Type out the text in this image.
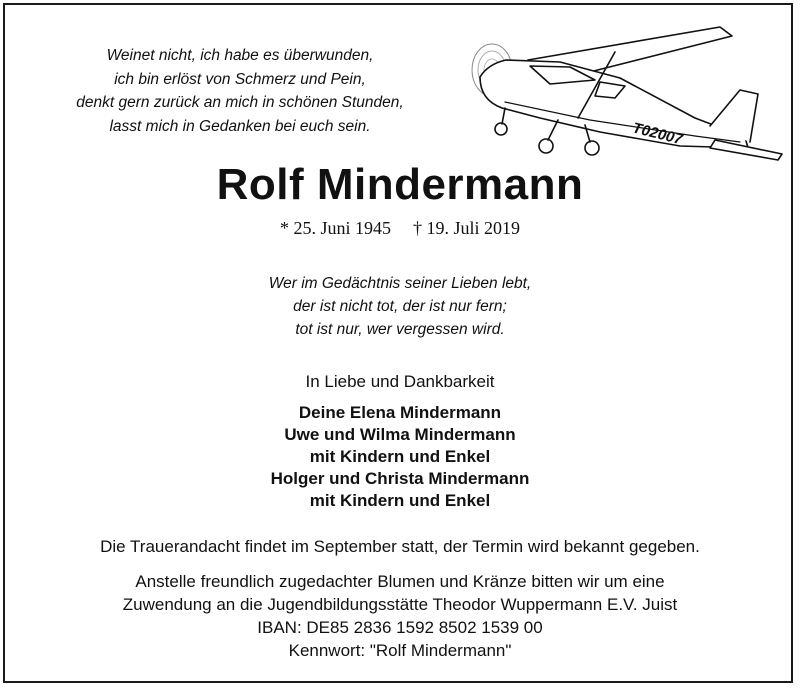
Weinet nicht, ich habe es überwunden,
ich bin erlöst von Schmerz und Pein,
denkt gern zurück an mich in schönen Stunden,
lasst mich in Gedanken bei euch sein.	T02007
Rolf Mindermann
* 25. Juni 1945 † 19. Juli 2019
Wer im Gedächtnis seiner Lieben lebt,
der ist nicht tot, der ist nur fern;
tot ist nur, wer vergessen wird.
In Liebe und Dankbarkeit
Deine Elena Mindermann
Uwe und Wilma Mindermann
mit Kindern und Enkel
Holger und Christa Mindermann
mit Kindern und Enkel
Die Trauerandacht findet im September statt, der Termin wird bekannt gegeben.
Anstelle freundlich zugedachter Blumen und Kränze bitten wir um eine
Zuwendung an die Jugendbildungsstätte Theodor Wuppermann E.V. Juist
IBAN: DE85 2836 1592 8502 1539 00
Kennwort: "Rolf Mindermann"
